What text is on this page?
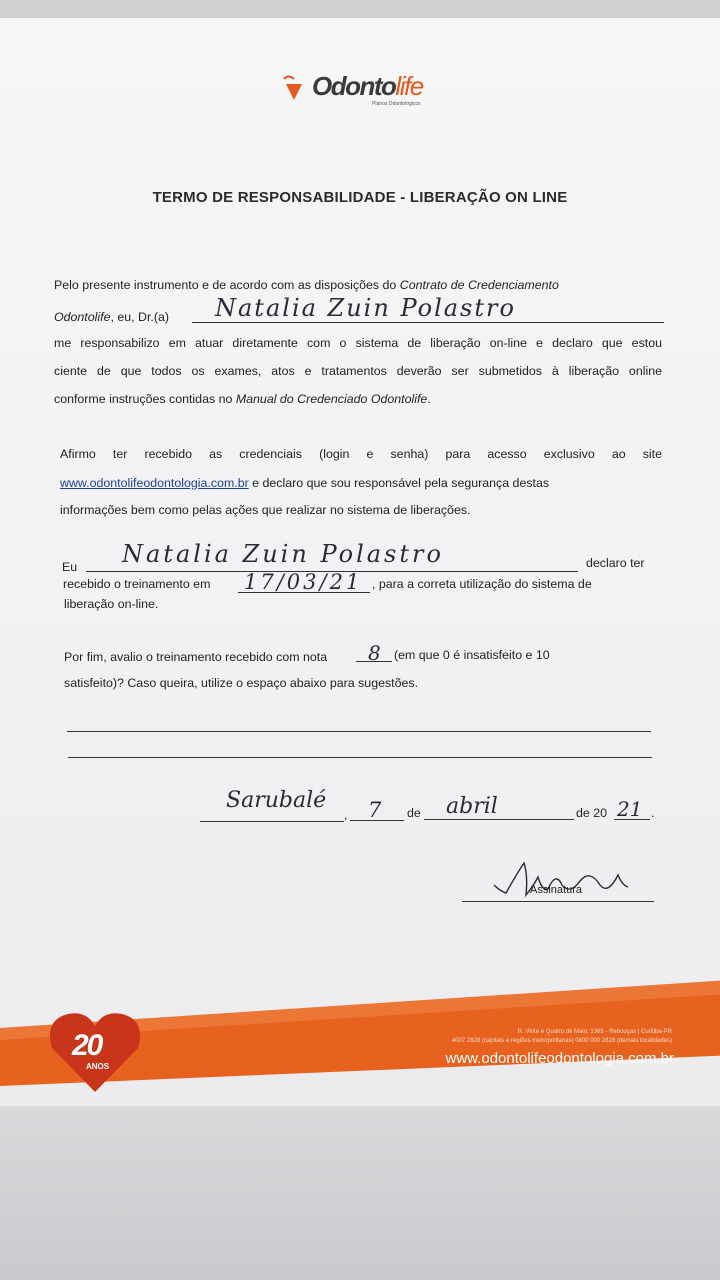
Odontolife
Planos Odontológicos
TERMO DE RESPONSABILIDADE - LIBERAÇÃO ON LINE
Pelo presente instrumento e de acordo com as disposições do Contrato de Credenciamento
Odontolife, eu, Dr.(a) Natalia Zuin Polastro
me responsabilizo em atuar diretamente com o sistema de liberação on-line e declaro que estou
ciente de que todos os exames, atos e tratamentos deverão ser submetidos à liberação online
conforme instruções contidas no Manual do Credenciado Odontolife.
Afirmo ter recebido as credenciais (login e senha) para acesso exclusivo ao site
www.odontolifeodontologia.com.br e declaro que sou responsável pela segurança destas
informações bem como pelas ações que realizar no sistema de liberações.
Eu Natalia Zuin Polastro	declaro ter
recebido o treinamento em 17/03/21 , para a correta utilização do sistema de
liberação on-line.
Por fim, avalio o treinamento recebido com nota 8 (em que 0 é insatisfeito e 10
satisfeito)? Caso queira, utilize o espaço abaixo para sugestões.
Sarubalé
, 7 de abril	de 20 21 .
Assinatura
20
ANOS
R. Vinte e Quatro de Maio, 1365 - Rebouças | Curitiba-PR
4007 2828 (capitais e regiões metropolitanas) 0800 000 2828 (demais localidades)
www.odontolifeodontologia.com.br
